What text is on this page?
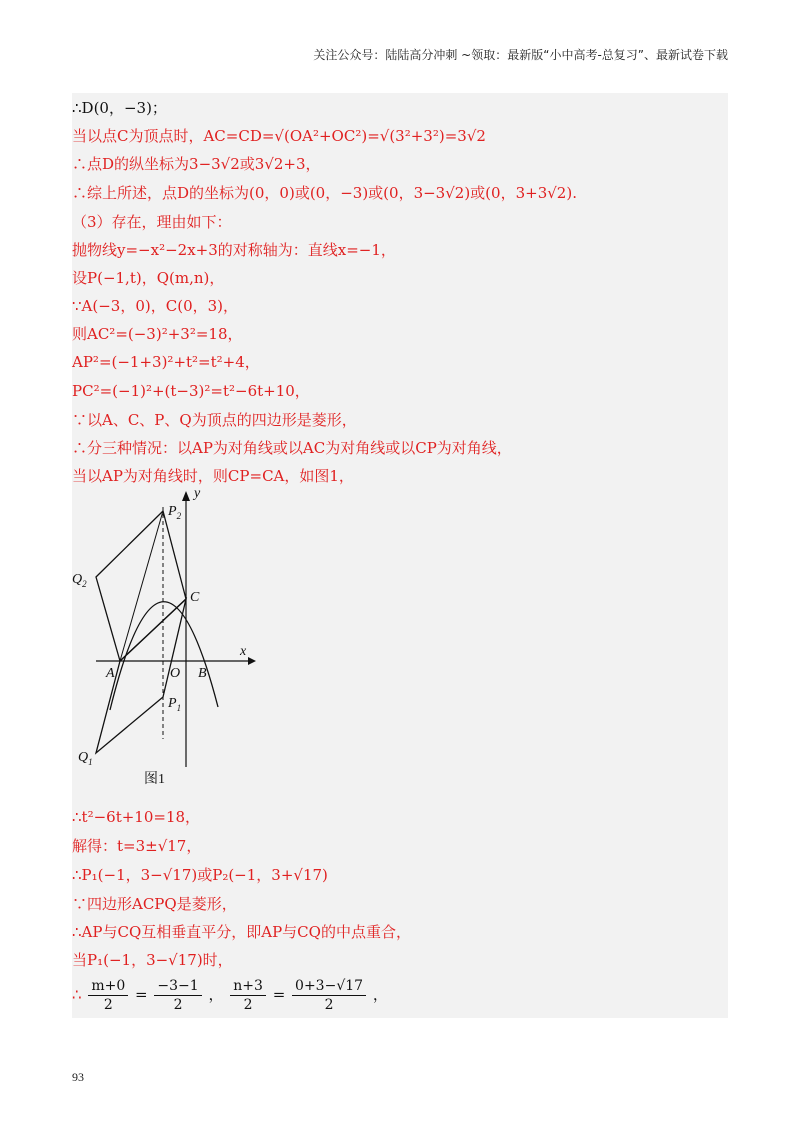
关注公众号：陆陆高分冲刺 ~领取：最新版“小中高考-总复习”、最新试卷下载
∴D(0，−3)；
当以点C为顶点时，AC=CD=√(OA²+OC²)=√(3²+3²)=3√2
∴点D的纵坐标为3−3√2或3√2+3，
∴综上所述，点D的坐标为(0，0)或(0，−3)或(0，3−3√2)或(0，3+3√2).
（3）存在，理由如下：
抛物线y=−x²−2x+3的对称轴为：直线x=−1，
设P(−1,t)，Q(m,n)，
∵A(−3，0)，C(0，3)，
则AC²=(−3)²+3²=18，
AP²=(−1+3)²+t²=t²+4，
PC²=(−1)²+(t−3)²=t²−6t+10，
∵以A、C、P、Q为顶点的四边形是菱形，
∴分三种情况：以AP为对角线或以AC为对角线或以CP为对角线，
当以AP为对角线时，则CP=CA，如图1，
y
x
$P_2$
$Q_2$
C
A	O B
$P_1$
$Q_1$
图1
∴t²−6t+10=18，
解得：t=3±√17，
∴P₁(−1，3−√17)或P₂(−1，3+√17)
∵四边形ACPQ是菱形，
∴AP与CQ互相垂直平分，即AP与CQ的中点重合，
当P₁(−1，3−√17)时，
∴ $\frac{m+0}{2} = \frac{-3-1}{2}$ ， $\frac{n+3}{2} = \frac{0+3-√17}{2}$ ，
93
